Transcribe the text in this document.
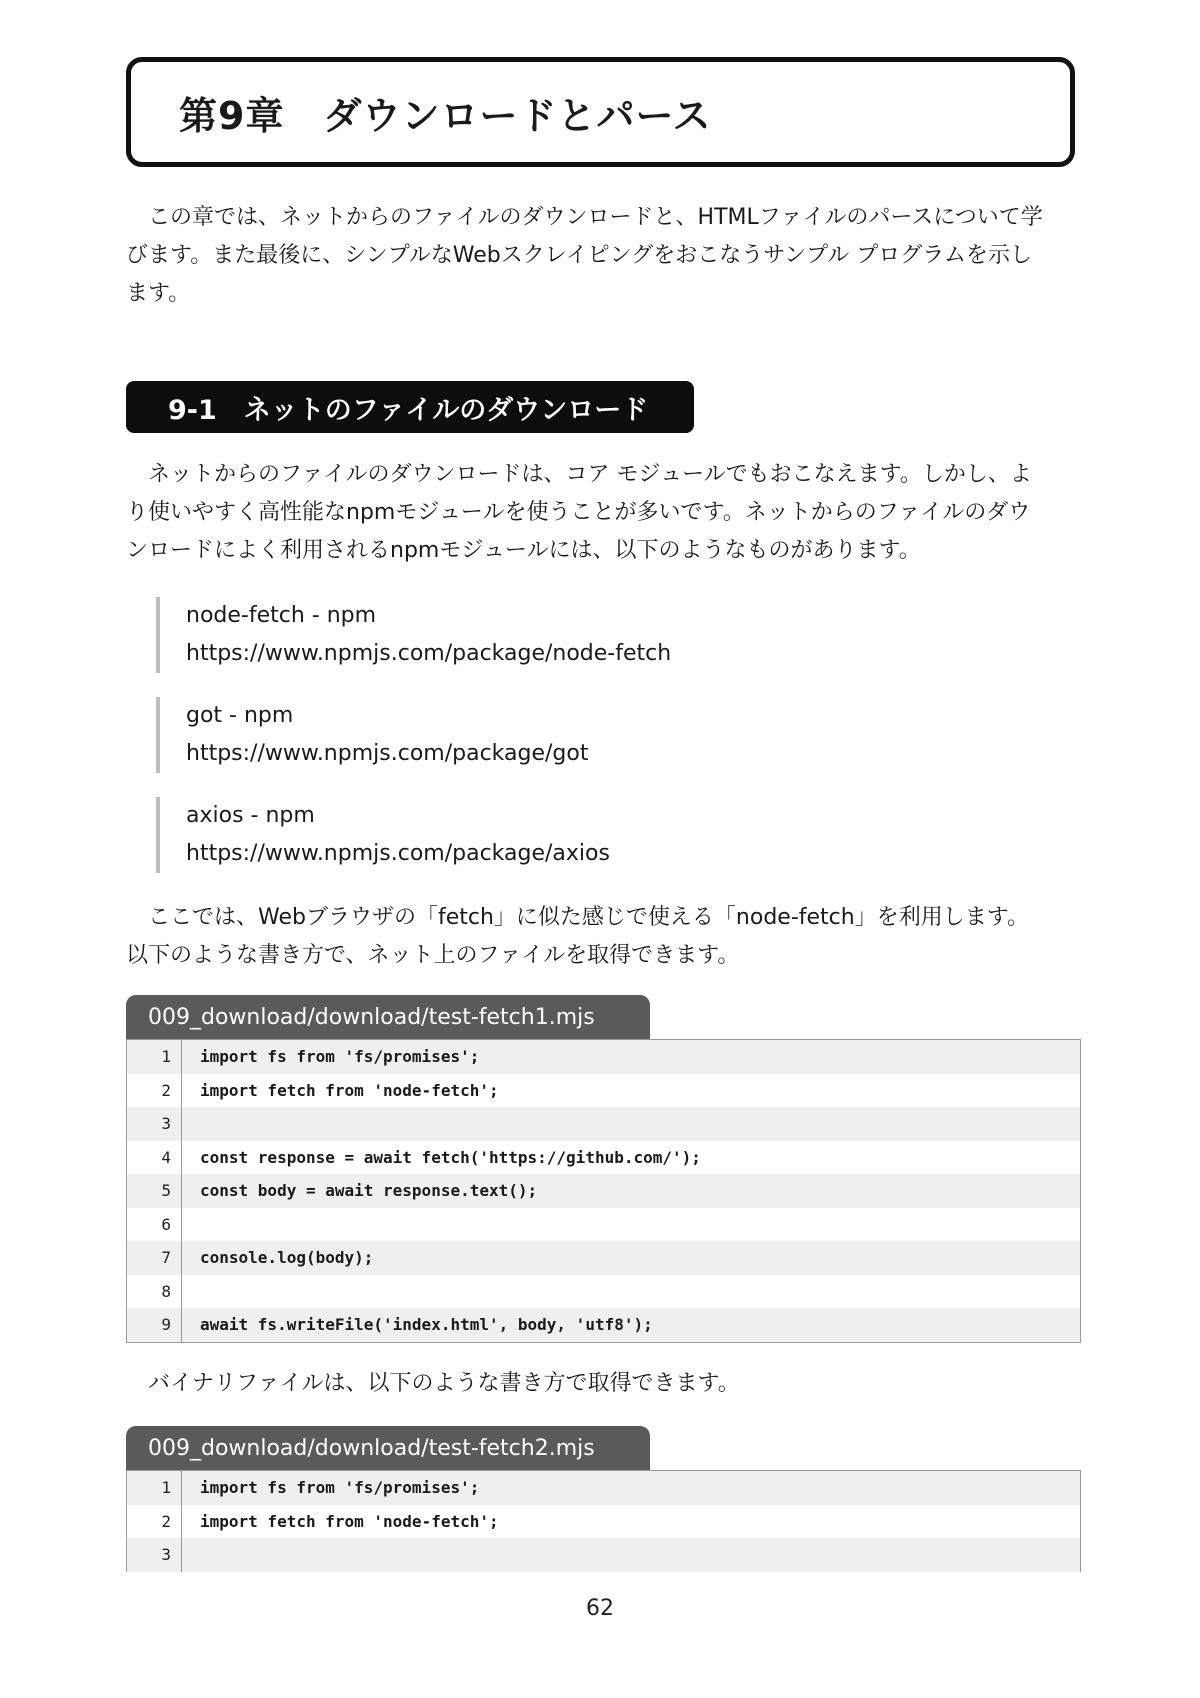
第9章　ダウンロードとパース
　この章では、ネットからのファイルのダウンロードと、HTMLファイルのパースについて学
びます。また最後に、シンプルなWebスクレイピングをおこなうサンプル プログラムを示し
ます。
9-1　ネットのファイルのダウンロード
　ネットからのファイルのダウンロードは、コア モジュールでもおこなえます。しかし、よ
り使いやすく高性能なnpmモジュールを使うことが多いです。ネットからのファイルのダウ
ンロードによく利用されるnpmモジュールには、以下のようなものがあります。
node-fetch - npm
https://www.npmjs.com/package/node-fetch
got - npm
https://www.npmjs.com/package/got
axios - npm
https://www.npmjs.com/package/axios
　ここでは、Webブラウザの「fetch」に似た感じで使える「node-fetch」を利用します。
以下のような書き方で、ネット上のファイルを取得できます。
009_download/download/test-fetch1.mjs
1	import fs from 'fs/promises';
2	import fetch from 'node-fetch';
3
4	const response = await fetch('https://github.com/');
5	const body = await response.text();
6
7	console.log(body);
8
9	await fs.writeFile('index.html', body, 'utf8');
　バイナリファイルは、以下のような書き方で取得できます。
009_download/download/test-fetch2.mjs
1	import fs from 'fs/promises';
2	import fetch from 'node-fetch';
3
62
